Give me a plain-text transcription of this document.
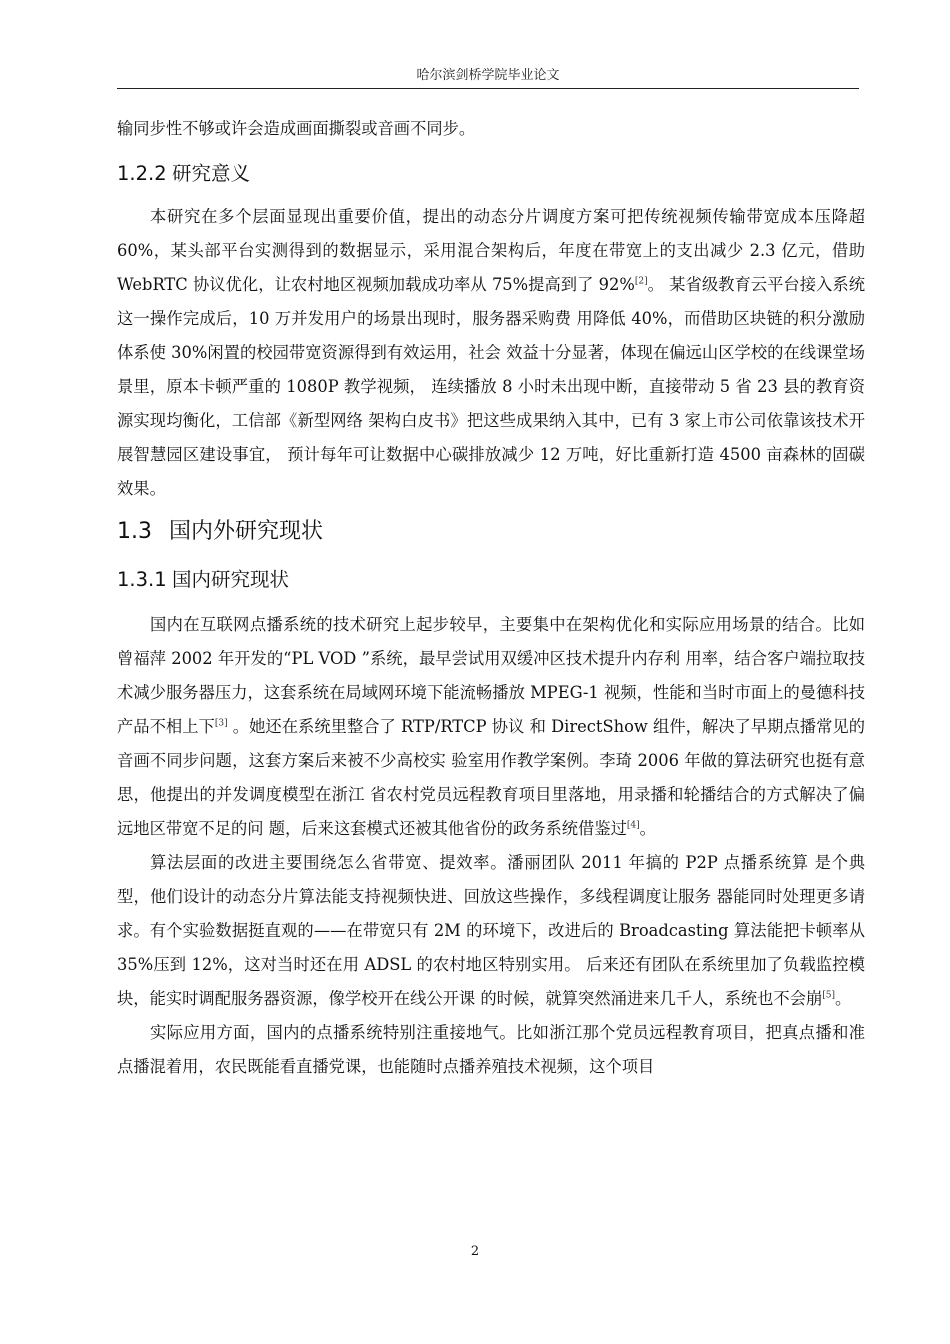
哈尔滨剑桥学院毕业论文

输同步性不够或许会造成画面撕裂或音画不同步。

1.2.2 研究意义

本研究在多个层面显现出重要价值，提出的动态分片调度方案可把传统视频传输带宽成本压降超60%，某头部平台实测得到的数据显示，采用混合架构后，年度在带宽上的支出减少 2.3 亿元，借助 WebRTC 协议优化，让农村地区视频加载成功率从 75%提高到了 92%[2]。 某省级教育云平台接入系统这一操作完成后，10 万并发用户的场景出现时，服务器采购费 用降低 40%，而借助区块链的积分激励体系使 30%闲置的校园带宽资源得到有效运用，社会 效益十分显著，体现在偏远山区学校的在线课堂场景里，原本卡顿严重的 1080P 教学视频， 连续播放 8 小时未出现中断，直接带动 5 省 23 县的教育资源实现均衡化，工信部《新型网络 架构白皮书》把这些成果纳入其中，已有 3 家上市公司依靠该技术开展智慧园区建设事宜， 预计每年可让数据中心碳排放减少 12 万吨，好比重新打造 4500 亩森林的固碳效果。

1.3 国内外研究现状
1.3.1 国内研究现状

国内在互联网点播系统的技术研究上起步较早，主要集中在架构优化和实际应用场景的结合。比如曾福萍 2002 年开发的“PL VOD ”系统，最早尝试用双缓冲区技术提升内存利 用率，结合客户端拉取技术减少服务器压力，这套系统在局域网环境下能流畅播放 MPEG-1 视频，性能和当时市面上的曼德科技产品不相上下[3] 。她还在系统里整合了 RTP/RTCP 协议 和 DirectShow 组件，解决了早期点播常见的音画不同步问题，这套方案后来被不少高校实 验室用作教学案例。李琦 2006 年做的算法研究也挺有意思，他提出的并发调度模型在浙江 省农村党员远程教育项目里落地，用录播和轮播结合的方式解决了偏远地区带宽不足的问 题，后来这套模式还被其他省份的政务系统借鉴过[4]。

算法层面的改进主要围绕怎么省带宽、提效率。潘丽团队 2011 年搞的 P2P 点播系统算 是个典型，他们设计的动态分片算法能支持视频快进、回放这些操作，多线程调度让服务 器能同时处理更多请求。有个实验数据挺直观的——在带宽只有 2M 的环境下，改进后的 Broadcasting 算法能把卡顿率从 35%压到 12%，这对当时还在用 ADSL 的农村地区特别实用。 后来还有团队在系统里加了负载监控模块，能实时调配服务器资源，像学校开在线公开课 的时候，就算突然涌进来几千人，系统也不会崩[5]。

实际应用方面，国内的点播系统特别注重接地气。比如浙江那个党员远程教育项目，把真点播和准点播混着用，农民既能看直播党课，也能随时点播养殖技术视频，这个项目

2
